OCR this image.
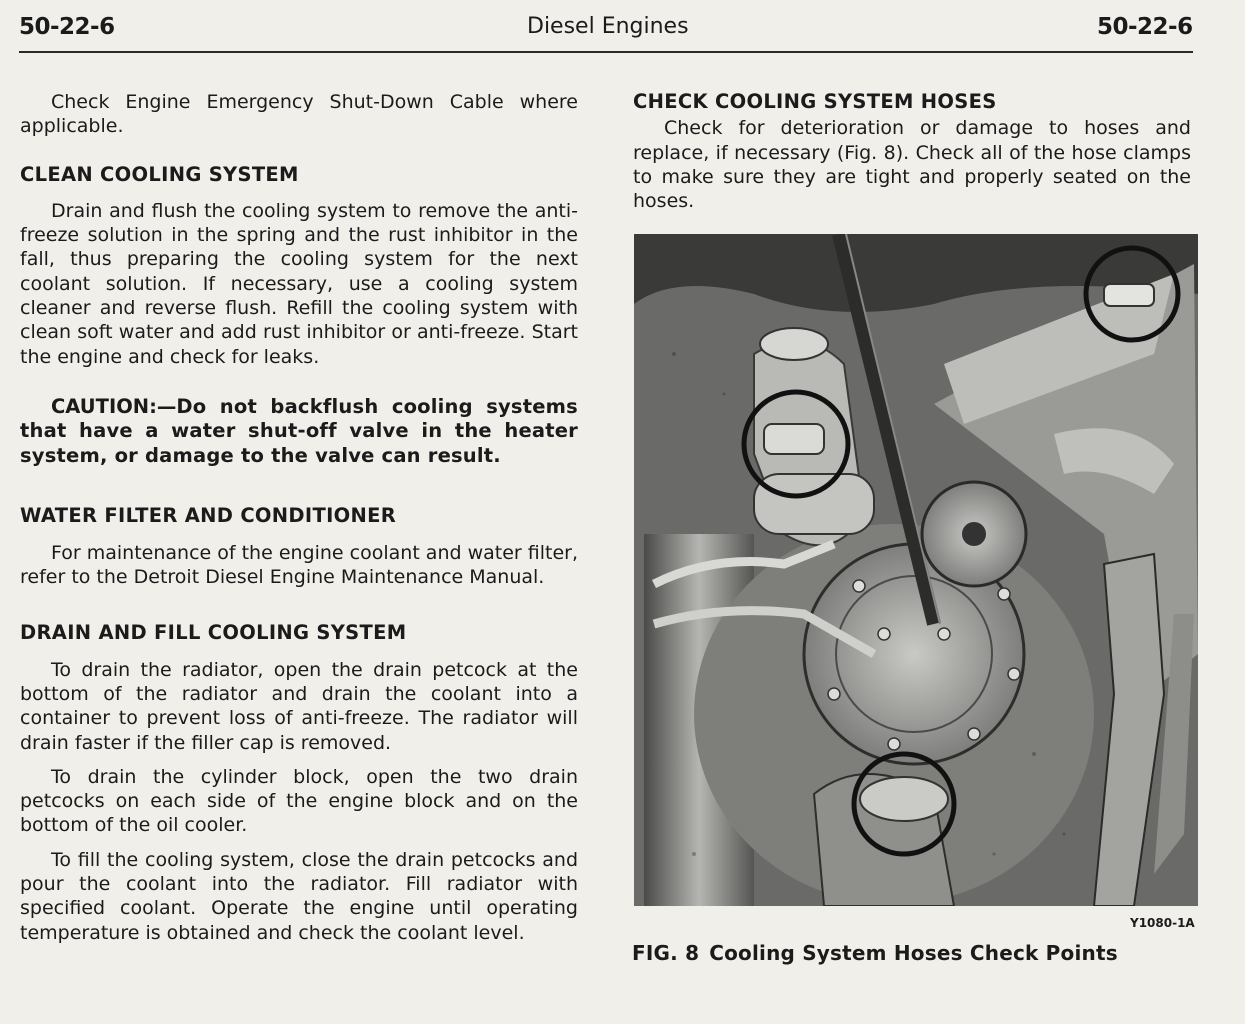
50-22-6	Diesel Engines	50-22-6

Check Engine Emergency Shut-Down Cable where applicable.

CLEAN COOLING SYSTEM

Drain and flush the cooling system to remove the anti-freeze solution in the spring and the rust inhibitor in the fall, thus preparing the cooling system for the next coolant solution. If necessary, use a cooling system cleaner and reverse flush. Refill the cooling system with clean soft water and add rust inhibitor or anti-freeze. Start the engine and check for leaks.

CAUTION:—Do not backflush cooling systems that have a water shut-off valve in the heater system, or damage to the valve can result.

WATER FILTER AND CONDITIONER

For maintenance of the engine coolant and water filter, refer to the Detroit Diesel Engine Maintenance Manual.

DRAIN AND FILL COOLING SYSTEM

To drain the radiator, open the drain petcock at the bottom of the radiator and drain the coolant into a container to prevent loss of anti-freeze. The radiator will drain faster if the filler cap is removed.

To drain the cylinder block, open the two drain petcocks on each side of the engine block and on the bottom of the oil cooler.

To fill the cooling system, close the drain petcocks and pour the coolant into the radiator. Fill radiator with specified coolant. Operate the engine until operating temperature is obtained and check the coolant level.

CHECK COOLING SYSTEM HOSES

Check for deterioration or damage to hoses and replace, if necessary (Fig. 8). Check all of the hose clamps to make sure they are tight and properly seated on the hoses.

Y1080-1A
FIG. 8 Cooling System Hoses Check Points
